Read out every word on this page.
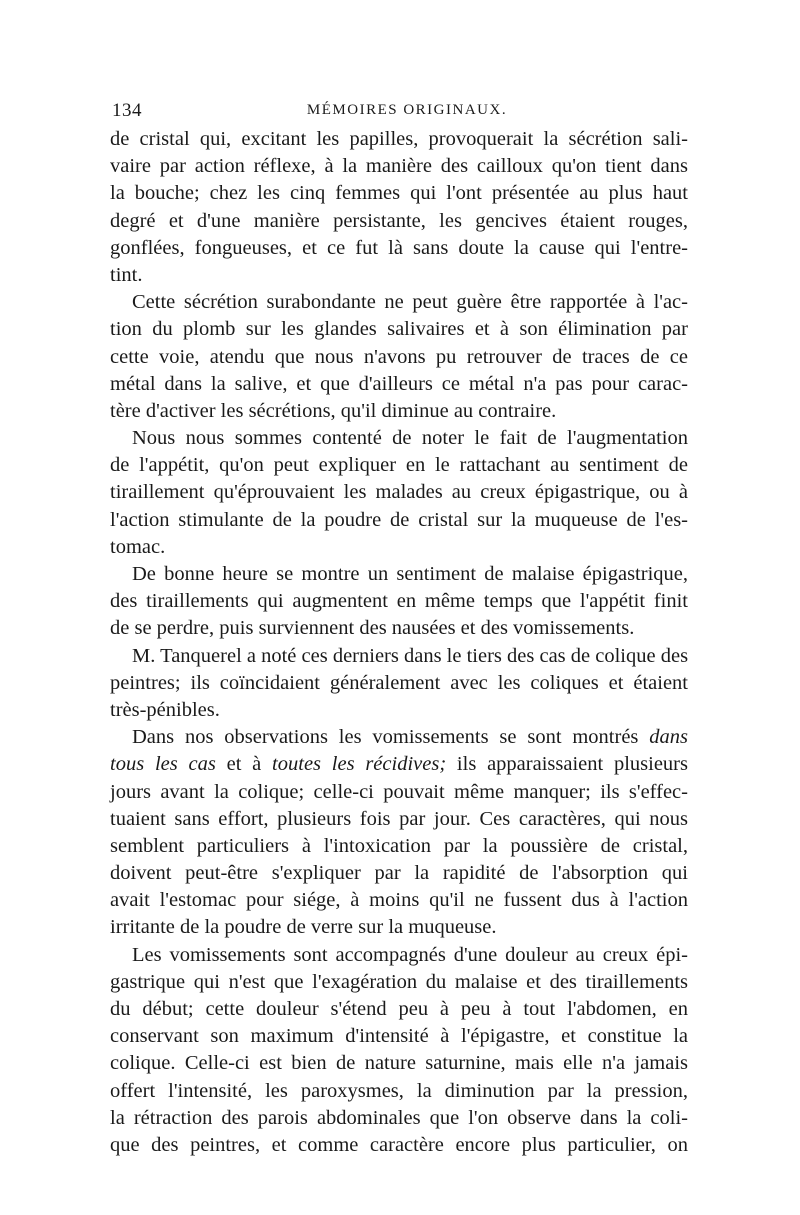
134	MÉMOIRES ORIGINAUX.
de cristal qui, excitant les papilles, provoquerait la sécrétion sali-
vaire par action réflexe, à la manière des cailloux qu'on tient dans
la bouche; chez les cinq femmes qui l'ont présentée au plus haut
degré et d'une manière persistante, les gencives étaient rouges,
gonflées, fongueuses, et ce fut là sans doute la cause qui l'entre-
tint.
Cette sécrétion surabondante ne peut guère être rapportée à l'ac-
tion du plomb sur les glandes salivaires et à son élimination par
cette voie, atendu que nous n'avons pu retrouver de traces de ce
métal dans la salive, et que d'ailleurs ce métal n'a pas pour carac-
tère d'activer les sécrétions, qu'il diminue au contraire.
Nous nous sommes contenté de noter le fait de l'augmentation
de l'appétit, qu'on peut expliquer en le rattachant au sentiment de
tiraillement qu'éprouvaient les malades au creux épigastrique, ou à
l'action stimulante de la poudre de cristal sur la muqueuse de l'es-
tomac.
De bonne heure se montre un sentiment de malaise épigastrique,
des tiraillements qui augmentent en même temps que l'appétit finit
de se perdre, puis surviennent des nausées et des vomissements.
M. Tanquerel a noté ces derniers dans le tiers des cas de colique des
peintres; ils coïncidaient généralement avec les coliques et étaient
très-pénibles.
Dans nos observations les vomissements se sont montrés dans
tous les cas et à toutes les récidives; ils apparaissaient plusieurs
jours avant la colique; celle-ci pouvait même manquer; ils s'effec-
tuaient sans effort, plusieurs fois par jour. Ces caractères, qui nous
semblent particuliers à l'intoxication par la poussière de cristal,
doivent peut-être s'expliquer par la rapidité de l'absorption qui
avait l'estomac pour siége, à moins qu'il ne fussent dus à l'action
irritante de la poudre de verre sur la muqueuse.
Les vomissements sont accompagnés d'une douleur au creux épi-
gastrique qui n'est que l'exagération du malaise et des tiraillements
du début; cette douleur s'étend peu à peu à tout l'abdomen, en
conservant son maximum d'intensité à l'épigastre, et constitue la
colique. Celle-ci est bien de nature saturnine, mais elle n'a jamais
offert l'intensité, les paroxysmes, la diminution par la pression,
la rétraction des parois abdominales que l'on observe dans la coli-
que des peintres, et comme caractère encore plus particulier, on
